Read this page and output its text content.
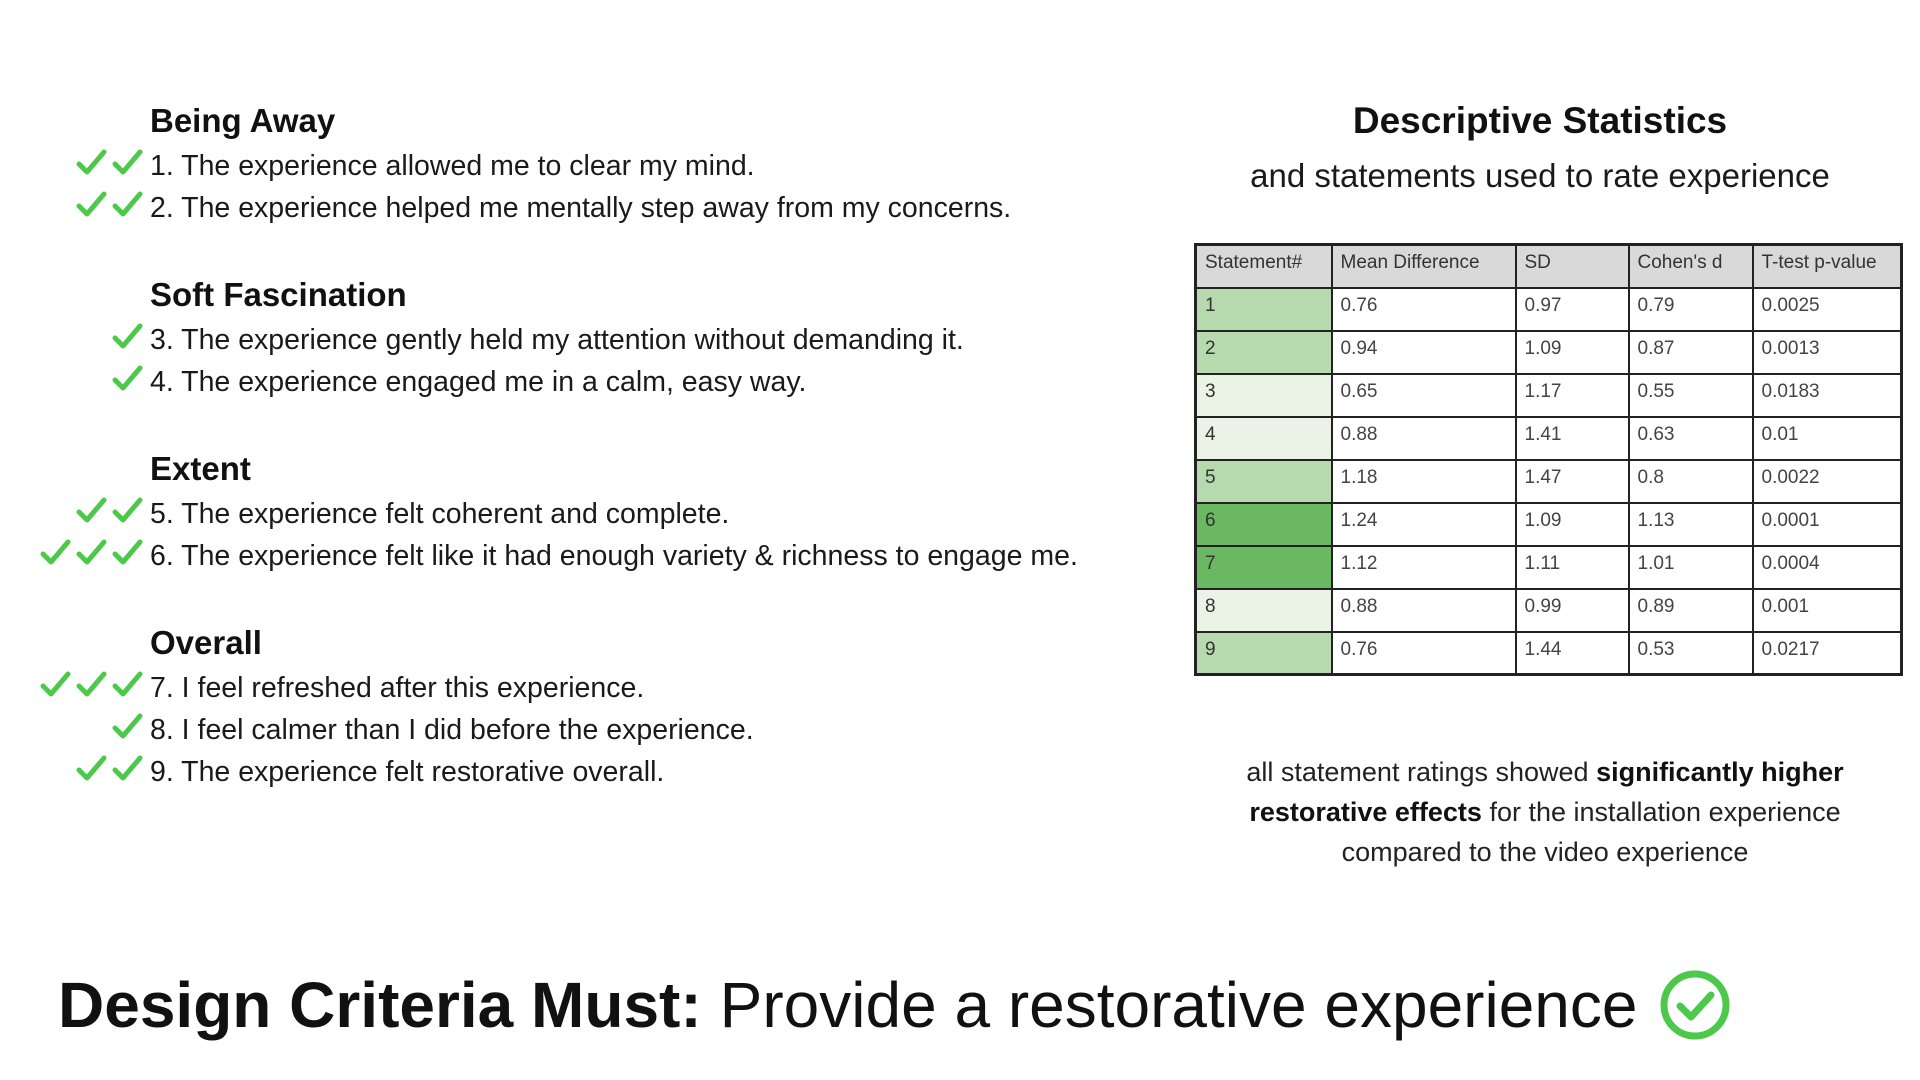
Being Away
1. The experience allowed me to clear my mind.
2. The experience helped me mentally step away from my concerns.
Soft Fascination
3. The experience gently held my attention without demanding it.
4. The experience engaged me in a calm, easy way.
Extent
5. The experience felt coherent and complete.
6. The experience felt like it had enough variety & richness to engage me.
Overall
7. I feel refreshed after this experience.
8. I feel calmer than I did before the experience.
9. The experience felt restorative overall.
Descriptive Statistics
and statements used to rate experience
Statement#	Mean Difference	SD	Cohen's d	T-test p-value
1	0.76	0.97	0.79	0.0025
2	0.94	1.09	0.87	0.0013
3	0.65	1.17	0.55	0.0183
4	0.88	1.41	0.63	0.01
5	1.18	1.47	0.8	0.0022
6	1.24	1.09	1.13	0.0001
7	1.12	1.11	1.01	0.0004
8	0.88	0.99	0.89	0.001
9	0.76	1.44	0.53	0.0217
all statement ratings showed significantly higher restorative effects for the installation experience compared to the video experience
Design Criteria Must: Provide a restorative experience
